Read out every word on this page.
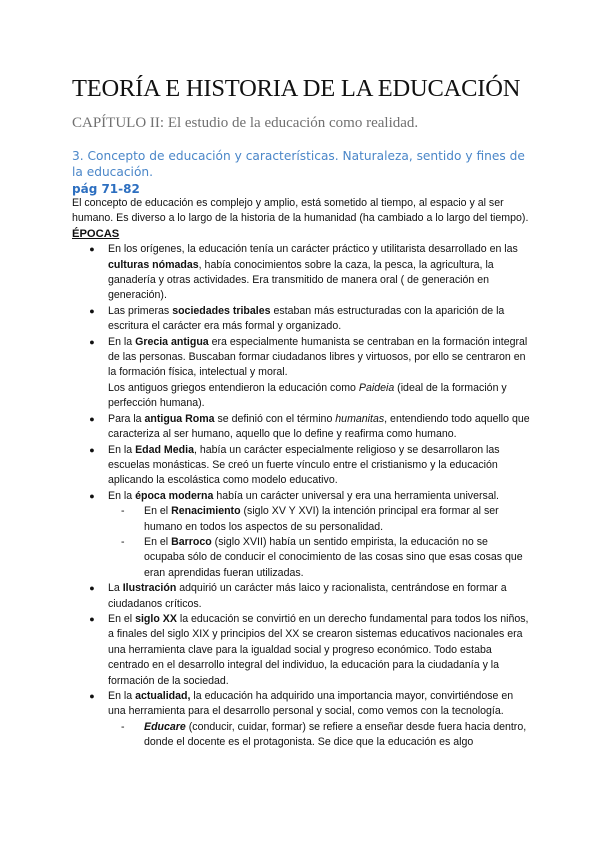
TEORÍA E HISTORIA DE LA EDUCACIÓN
CAPÍTULO II: El estudio de la educación como realidad.
3. Concepto de educación y características. Naturaleza, sentido y fines de la educación.
pág 71-82

El concepto de educación es complejo y amplio, está sometido al tiempo, al espacio y al ser humano. Es diverso a lo largo de la historia de la humanidad (ha cambiado a lo largo del tiempo).

ÉPOCAS

● En los orígenes, la educación tenía un carácter práctico y utilitarista desarrollado en las culturas nómadas, había conocimientos sobre la caza, la pesca, la agricultura, la ganadería y otras actividades. Era transmitido de manera oral ( de generación en generación).
● Las primeras sociedades tribales estaban más estructuradas con la aparición de la escritura el carácter era más formal y organizado.
● En la Grecia antigua era especialmente humanista se centraban en la formación integral de las personas. Buscaban formar ciudadanos libres y virtuosos, por ello se centraron en la formación física, intelectual y moral.
Los antiguos griegos entendieron la educación como Paideia (ideal de la formación y perfección humana).
● Para la antigua Roma se definió con el término humanitas, entendiendo todo aquello que caracteriza al ser humano, aquello que lo define y reafirma como humano.
● En la Edad Media, había un carácter especialmente religioso y se desarrollaron las escuelas monásticas. Se creó un fuerte vínculo entre el cristianismo y la educación aplicando la escolástica como modelo educativo.
● En la época moderna había un carácter universal y era una herramienta universal.
- En el Renacimiento (siglo XV Y XVI) la intención principal era formar al ser humano en todos los aspectos de su personalidad.
- En el Barroco (siglo XVII) había un sentido empirista, la educación no se ocupaba sólo de conducir el conocimiento de las cosas sino que esas cosas que eran aprendidas fueran utilizadas.
● La Ilustración adquirió un carácter más laico y racionalista, centrándose en formar a ciudadanos críticos.
● En el siglo XX la educación se convirtió en un derecho fundamental para todos los niños, a finales del siglo XIX y principios del XX se crearon sistemas educativos nacionales era una herramienta clave para la igualdad social y progreso económico. Todo estaba centrado en el desarrollo integral del individuo, la educación para la ciudadanía y la formación de la sociedad.
● En la actualidad, la educación ha adquirido una importancia mayor, convirtiéndose en una herramienta para el desarrollo personal y social, como vemos con la tecnología.
- Educare (conducir, cuidar, formar) se refiere a enseñar desde fuera hacia dentro, donde el docente es el protagonista. Se dice que la educación es algo
